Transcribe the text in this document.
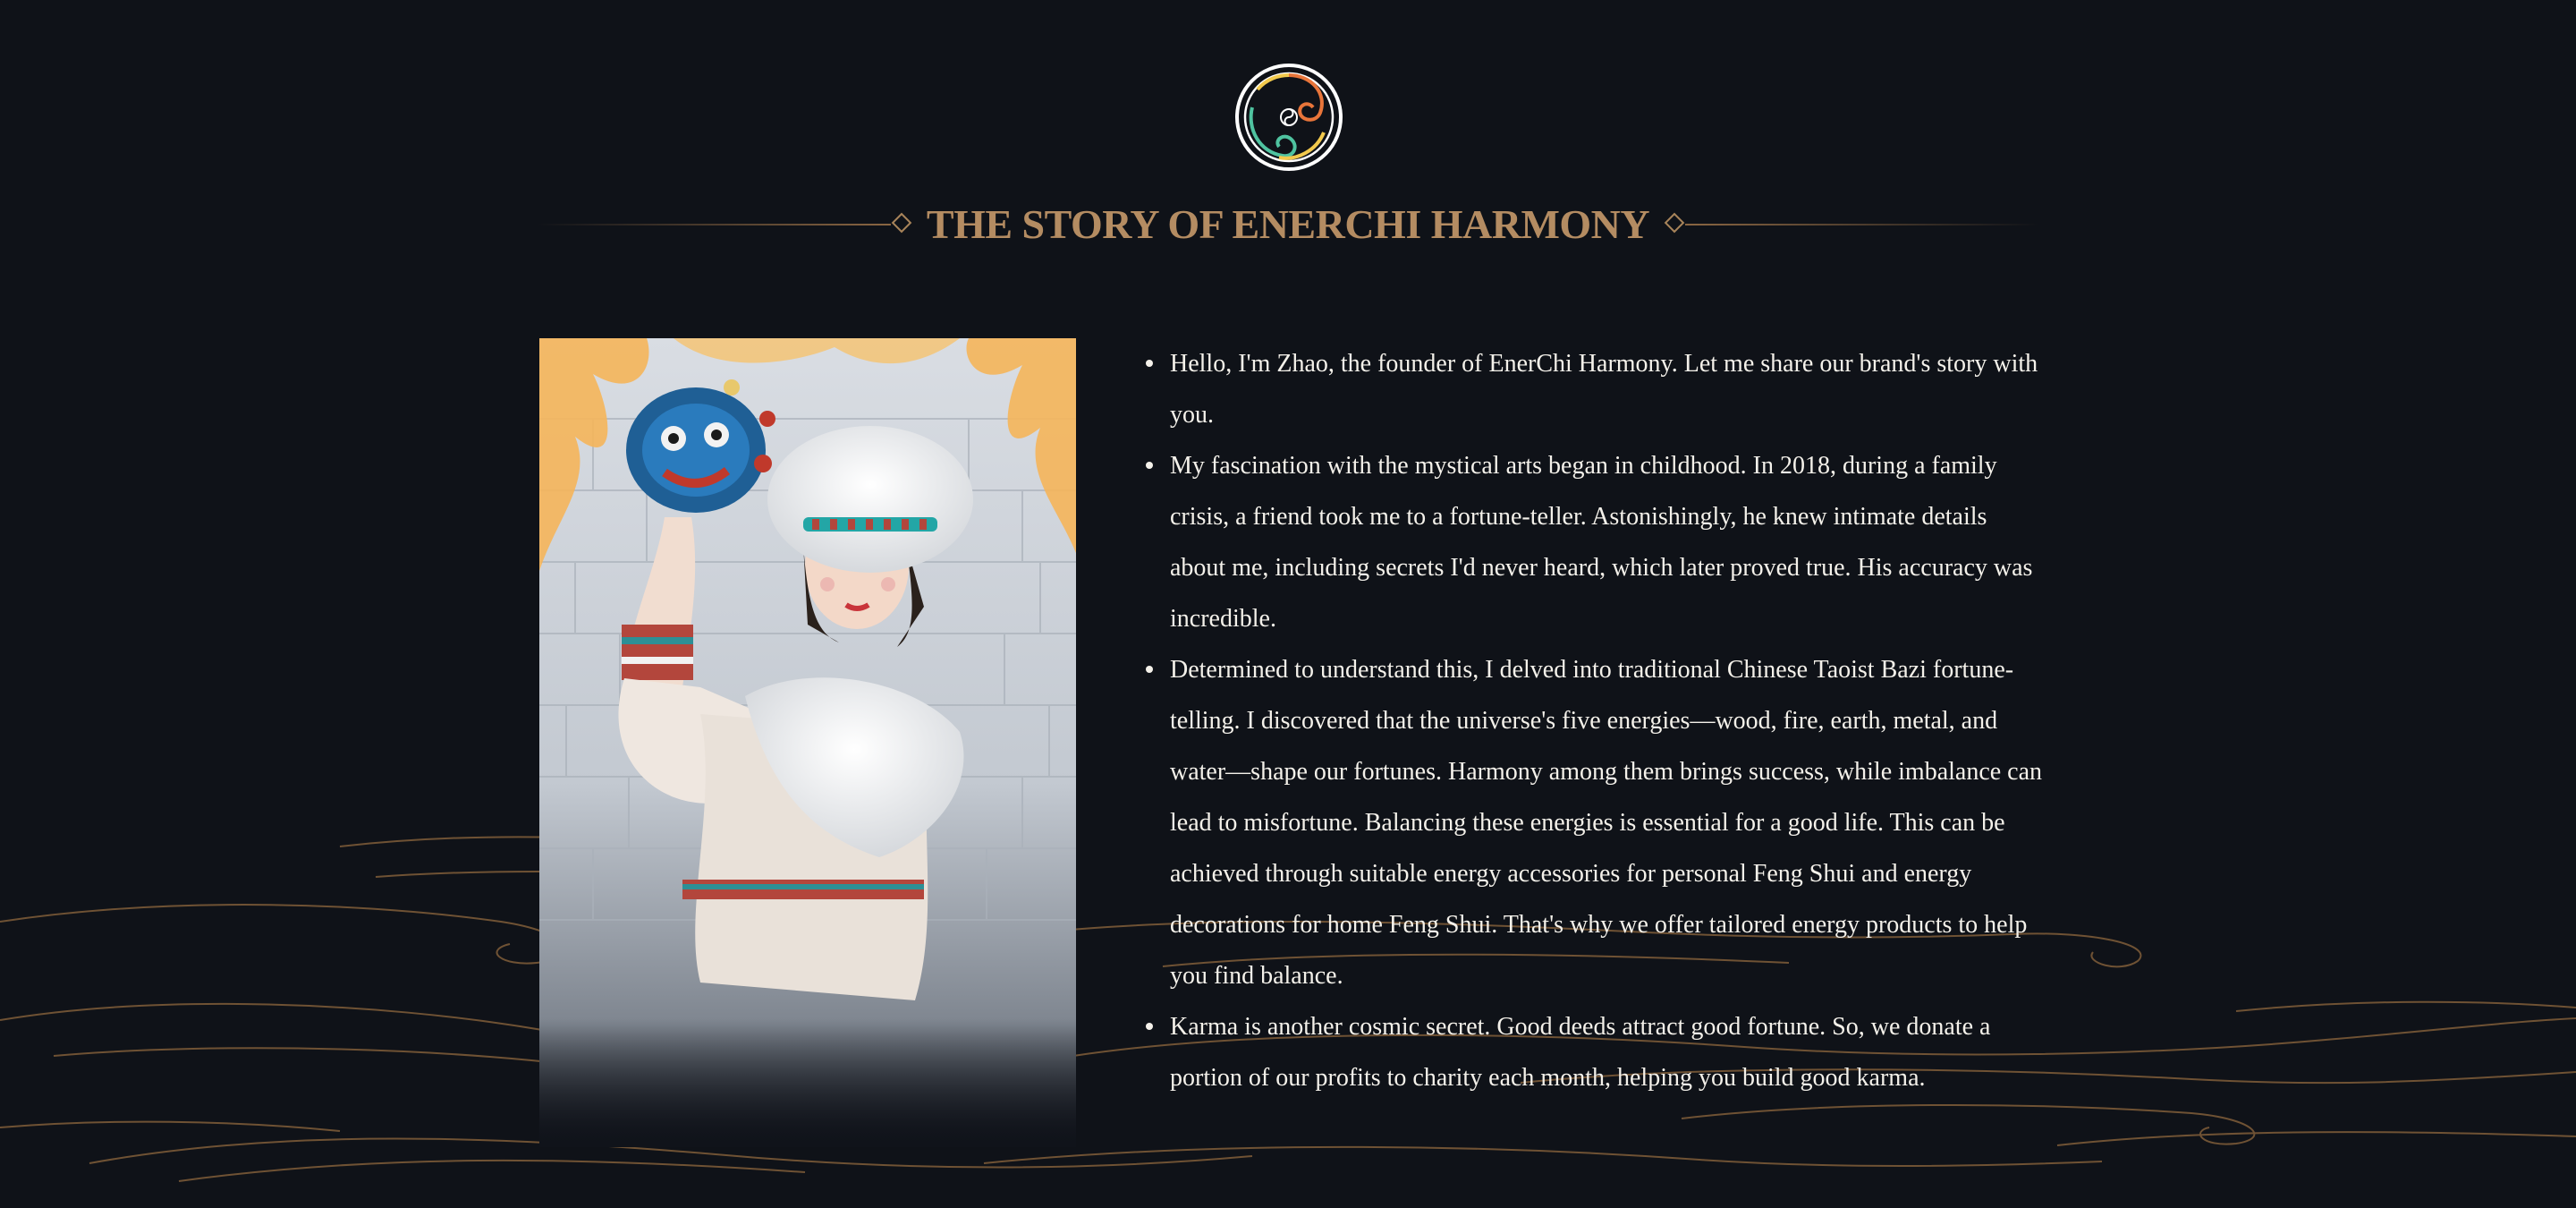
THE STORY OF ENERCHI HARMONY
Hello, I'm Zhao, the founder of EnerChi Harmony. Let me share our brand's story with you.
My fascination with the mystical arts began in childhood. In 2018, during a family crisis, a friend took me to a fortune-teller. Astonishingly, he knew intimate details about me, including secrets I'd never heard, which later proved true. His accuracy was incredible.
Determined to understand this, I delved into traditional Chinese Taoist Bazi fortune-telling. I discovered that the universe's five energies—wood, fire, earth, metal, and water—shape our fortunes. Harmony among them brings success, while imbalance can lead to misfortune. Balancing these energies is essential for a good life. This can be achieved through suitable energy accessories for personal Feng Shui and energy decorations for home Feng Shui. That's why we offer tailored energy products to help you find balance.
Karma is another cosmic secret. Good deeds attract good fortune. So, we donate a portion of our profits to charity each month, helping you build good karma.
